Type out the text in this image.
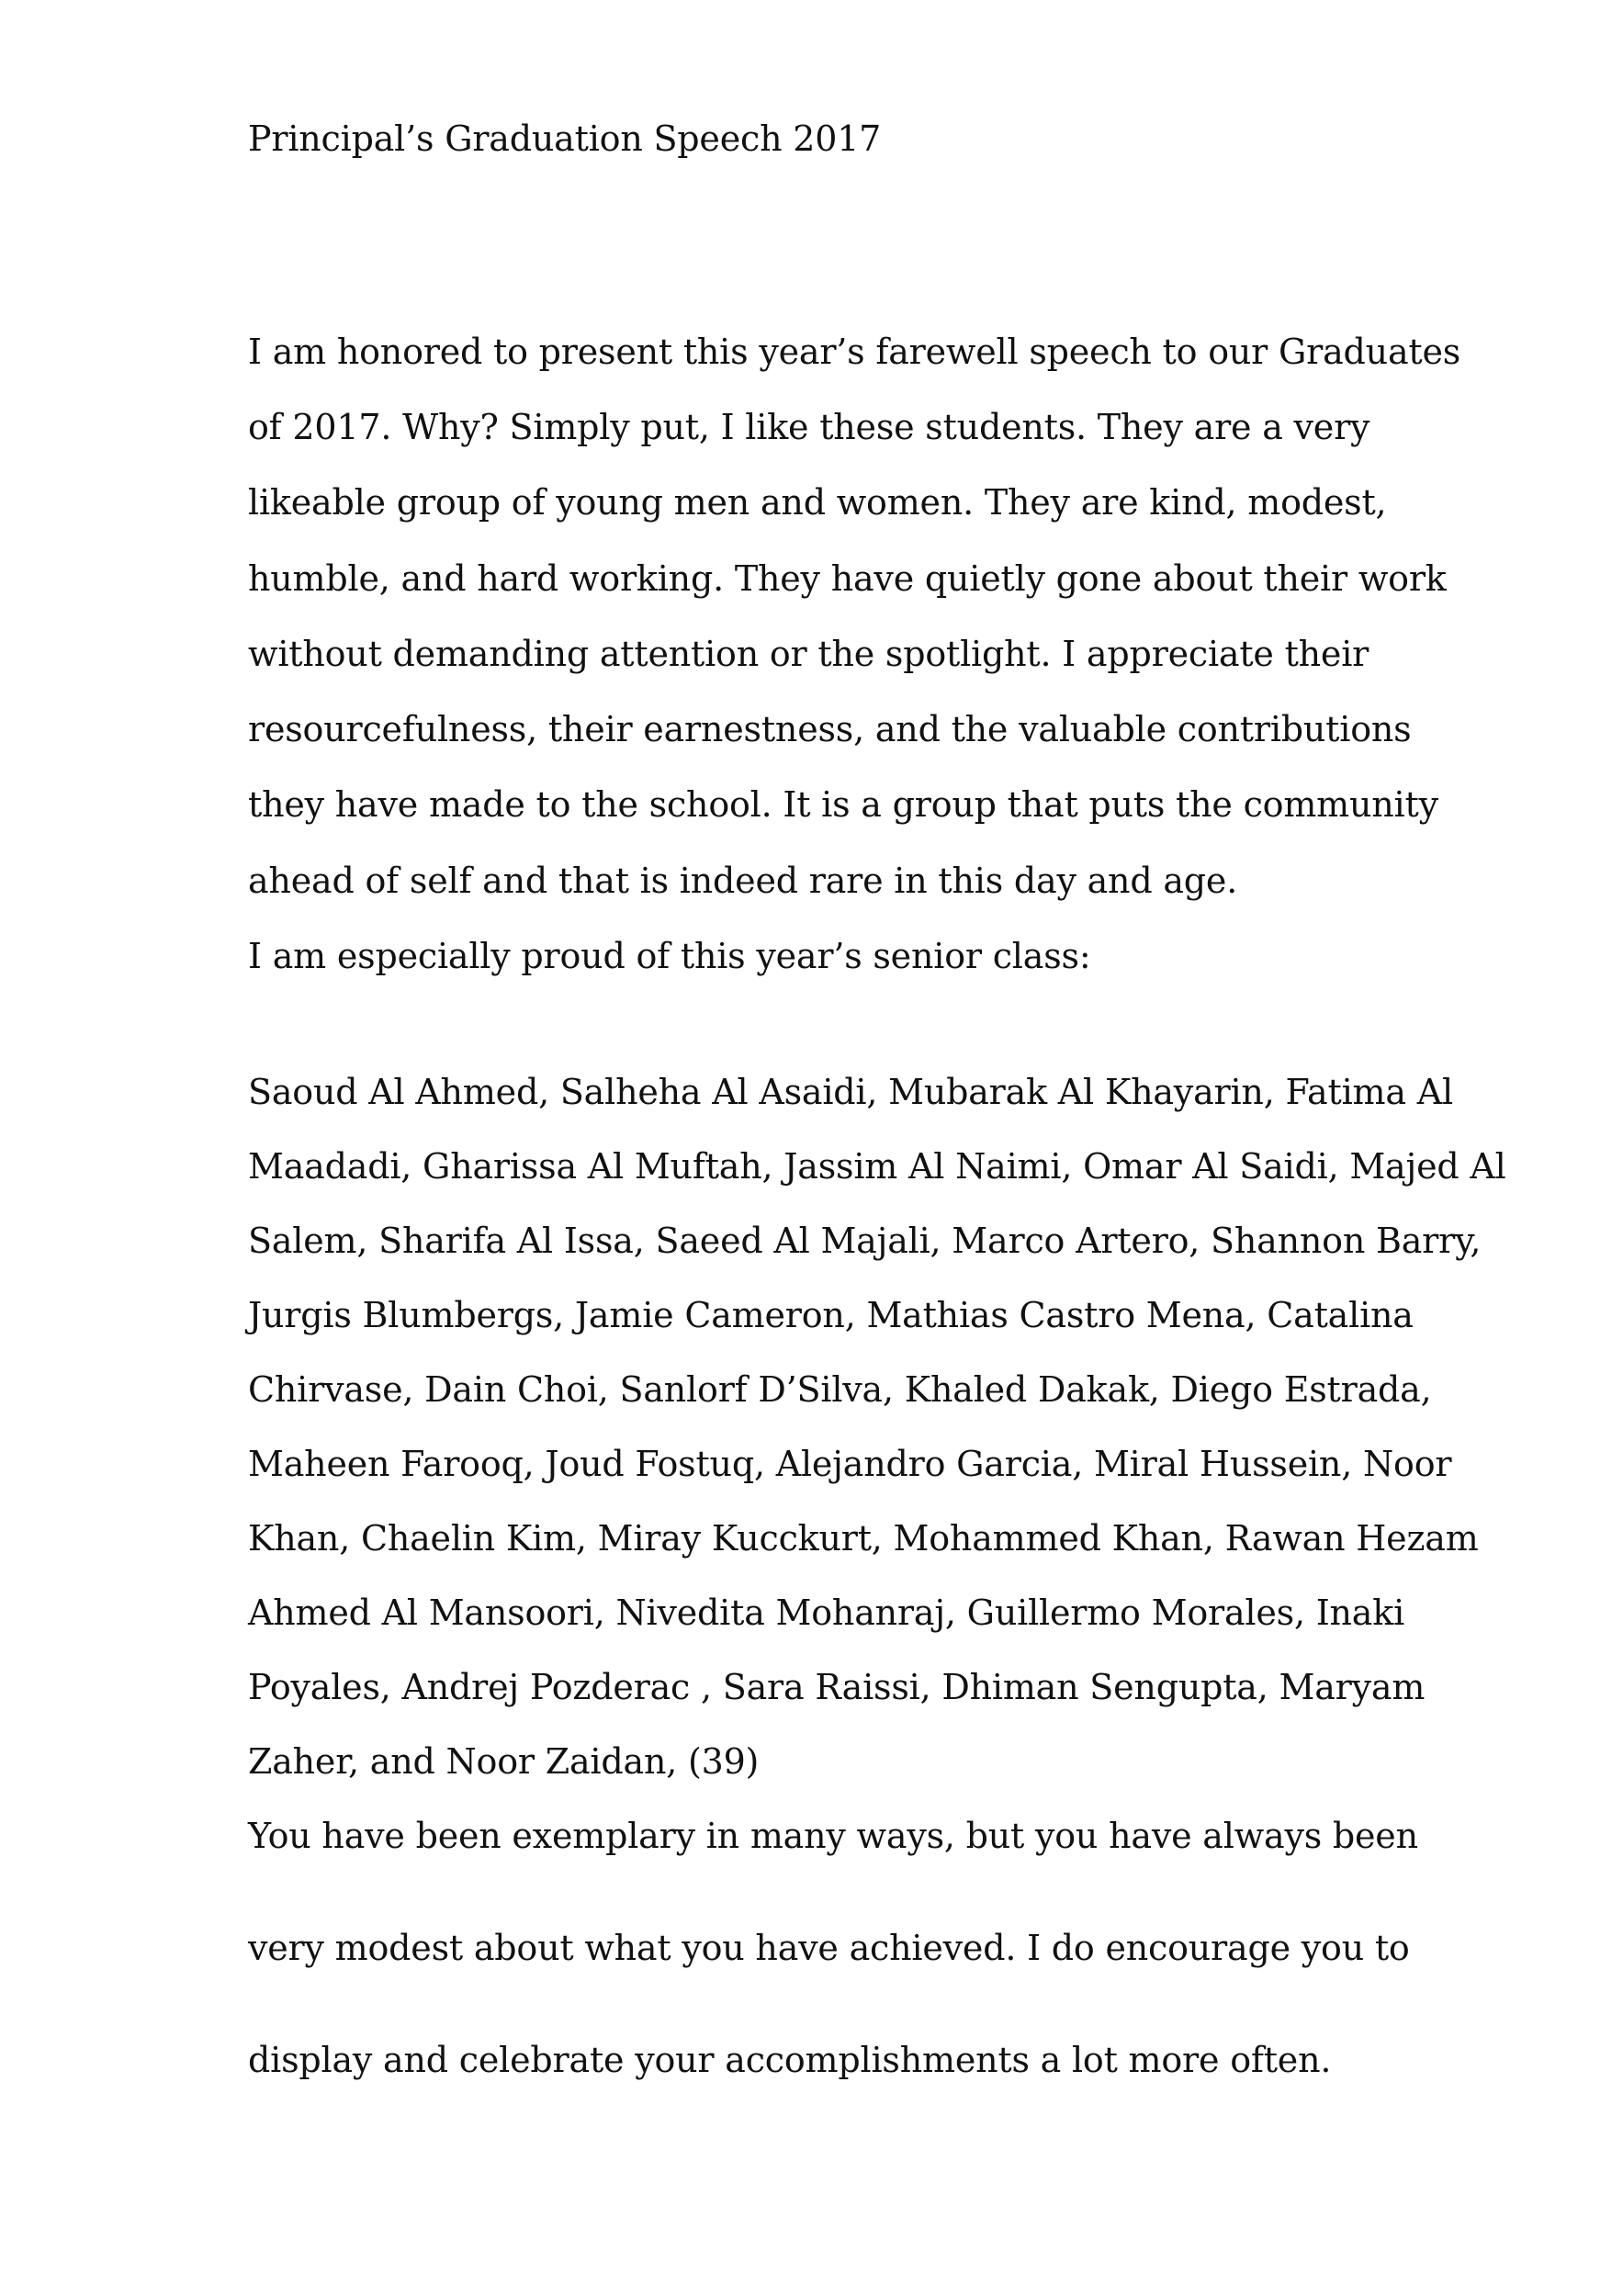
Principal’s Graduation Speech 2017
I am honored to present this year’s farewell speech to our Graduates
of 2017. Why? Simply put, I like these students. They are a very
likeable group of young men and women. They are kind, modest,
humble, and hard working. They have quietly gone about their work
without demanding attention or the spotlight. I appreciate their
resourcefulness, their earnestness, and the valuable contributions
they have made to the school. It is a group that puts the community
ahead of self and that is indeed rare in this day and age.
I am especially proud of this year’s senior class:
Saoud Al Ahmed, Salheha Al Asaidi, Mubarak Al Khayarin, Fatima Al
Maadadi, Gharissa Al Muftah, Jassim Al Naimi, Omar Al Saidi, Majed Al
Salem, Sharifa Al Issa, Saeed Al Majali, Marco Artero, Shannon Barry,
Jurgis Blumbergs, Jamie Cameron, Mathias Castro Mena, Catalina
Chirvase, Dain Choi, Sanlorf D’Silva, Khaled Dakak, Diego Estrada,
Maheen Farooq, Joud Fostuq, Alejandro Garcia, Miral Hussein, Noor
Khan, Chaelin Kim, Miray Kucckurt, Mohammed Khan, Rawan Hezam
Ahmed Al Mansoori, Nivedita Mohanraj, Guillermo Morales, Inaki
Poyales, Andrej Pozderac , Sara Raissi, Dhiman Sengupta, Maryam
Zaher, and Noor Zaidan, (39)
You have been exemplary in many ways, but you have always been
very modest about what you have achieved. I do encourage you to
display and celebrate your accomplishments a lot more often.
